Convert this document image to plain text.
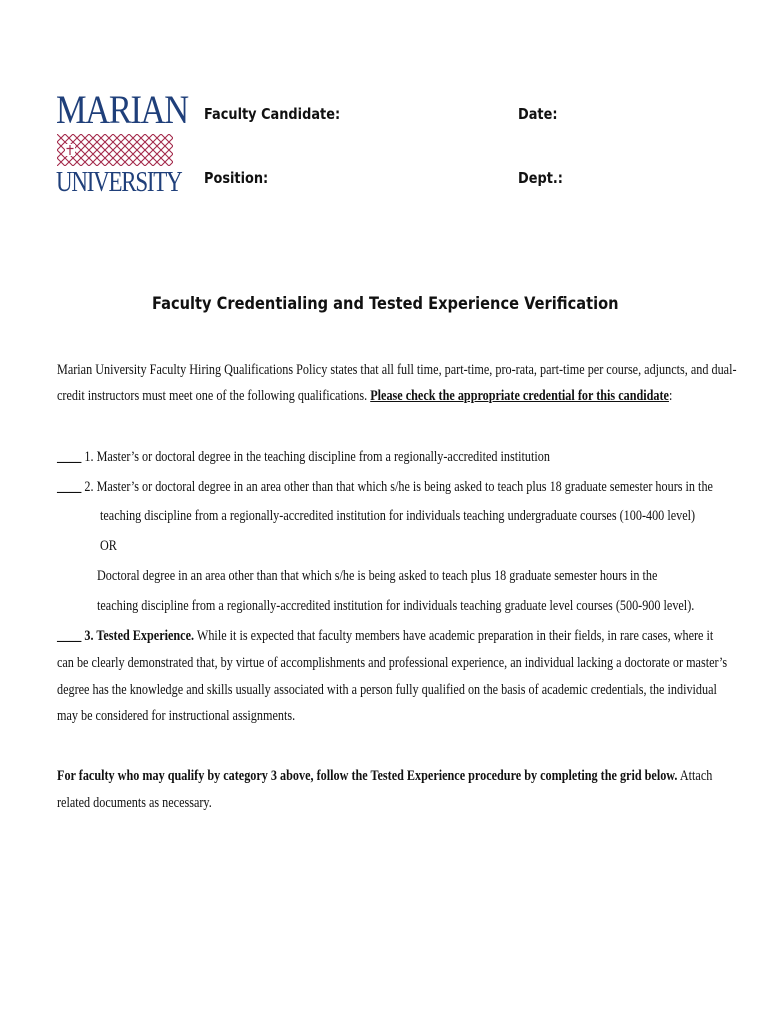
MARIAN
UNIVERSITY
Faculty Candidate:	Date:
Position:	Dept.:
Faculty Credentialing and Tested Experience Verification
Marian University Faculty Hiring Qualifications Policy states that all full time, part-time, pro-rata, part-time per course, adjuncts, and dual-
credit instructors must meet one of the following qualifications. Please check the appropriate credential for this candidate:
____ 1. Master’s or doctoral degree in the teaching discipline from a regionally-accredited institution
____ 2. Master’s or doctoral degree in an area other than that which s/he is being asked to teach plus 18 graduate semester hours in the
teaching discipline from a regionally-accredited institution for individuals teaching undergraduate courses (100-400 level)
OR
Doctoral degree in an area other than that which s/he is being asked to teach plus 18 graduate semester hours in the
teaching discipline from a regionally-accredited institution for individuals teaching graduate level courses (500-900 level).
____ 3. Tested Experience. While it is expected that faculty members have academic preparation in their fields, in rare cases, where it
can be clearly demonstrated that, by virtue of accomplishments and professional experience, an individual lacking a doctorate or master’s
degree has the knowledge and skills usually associated with a person fully qualified on the basis of academic credentials, the individual
may be considered for instructional assignments.
For faculty who may qualify by category 3 above, follow the Tested Experience procedure by completing the grid below. Attach
related documents as necessary.
